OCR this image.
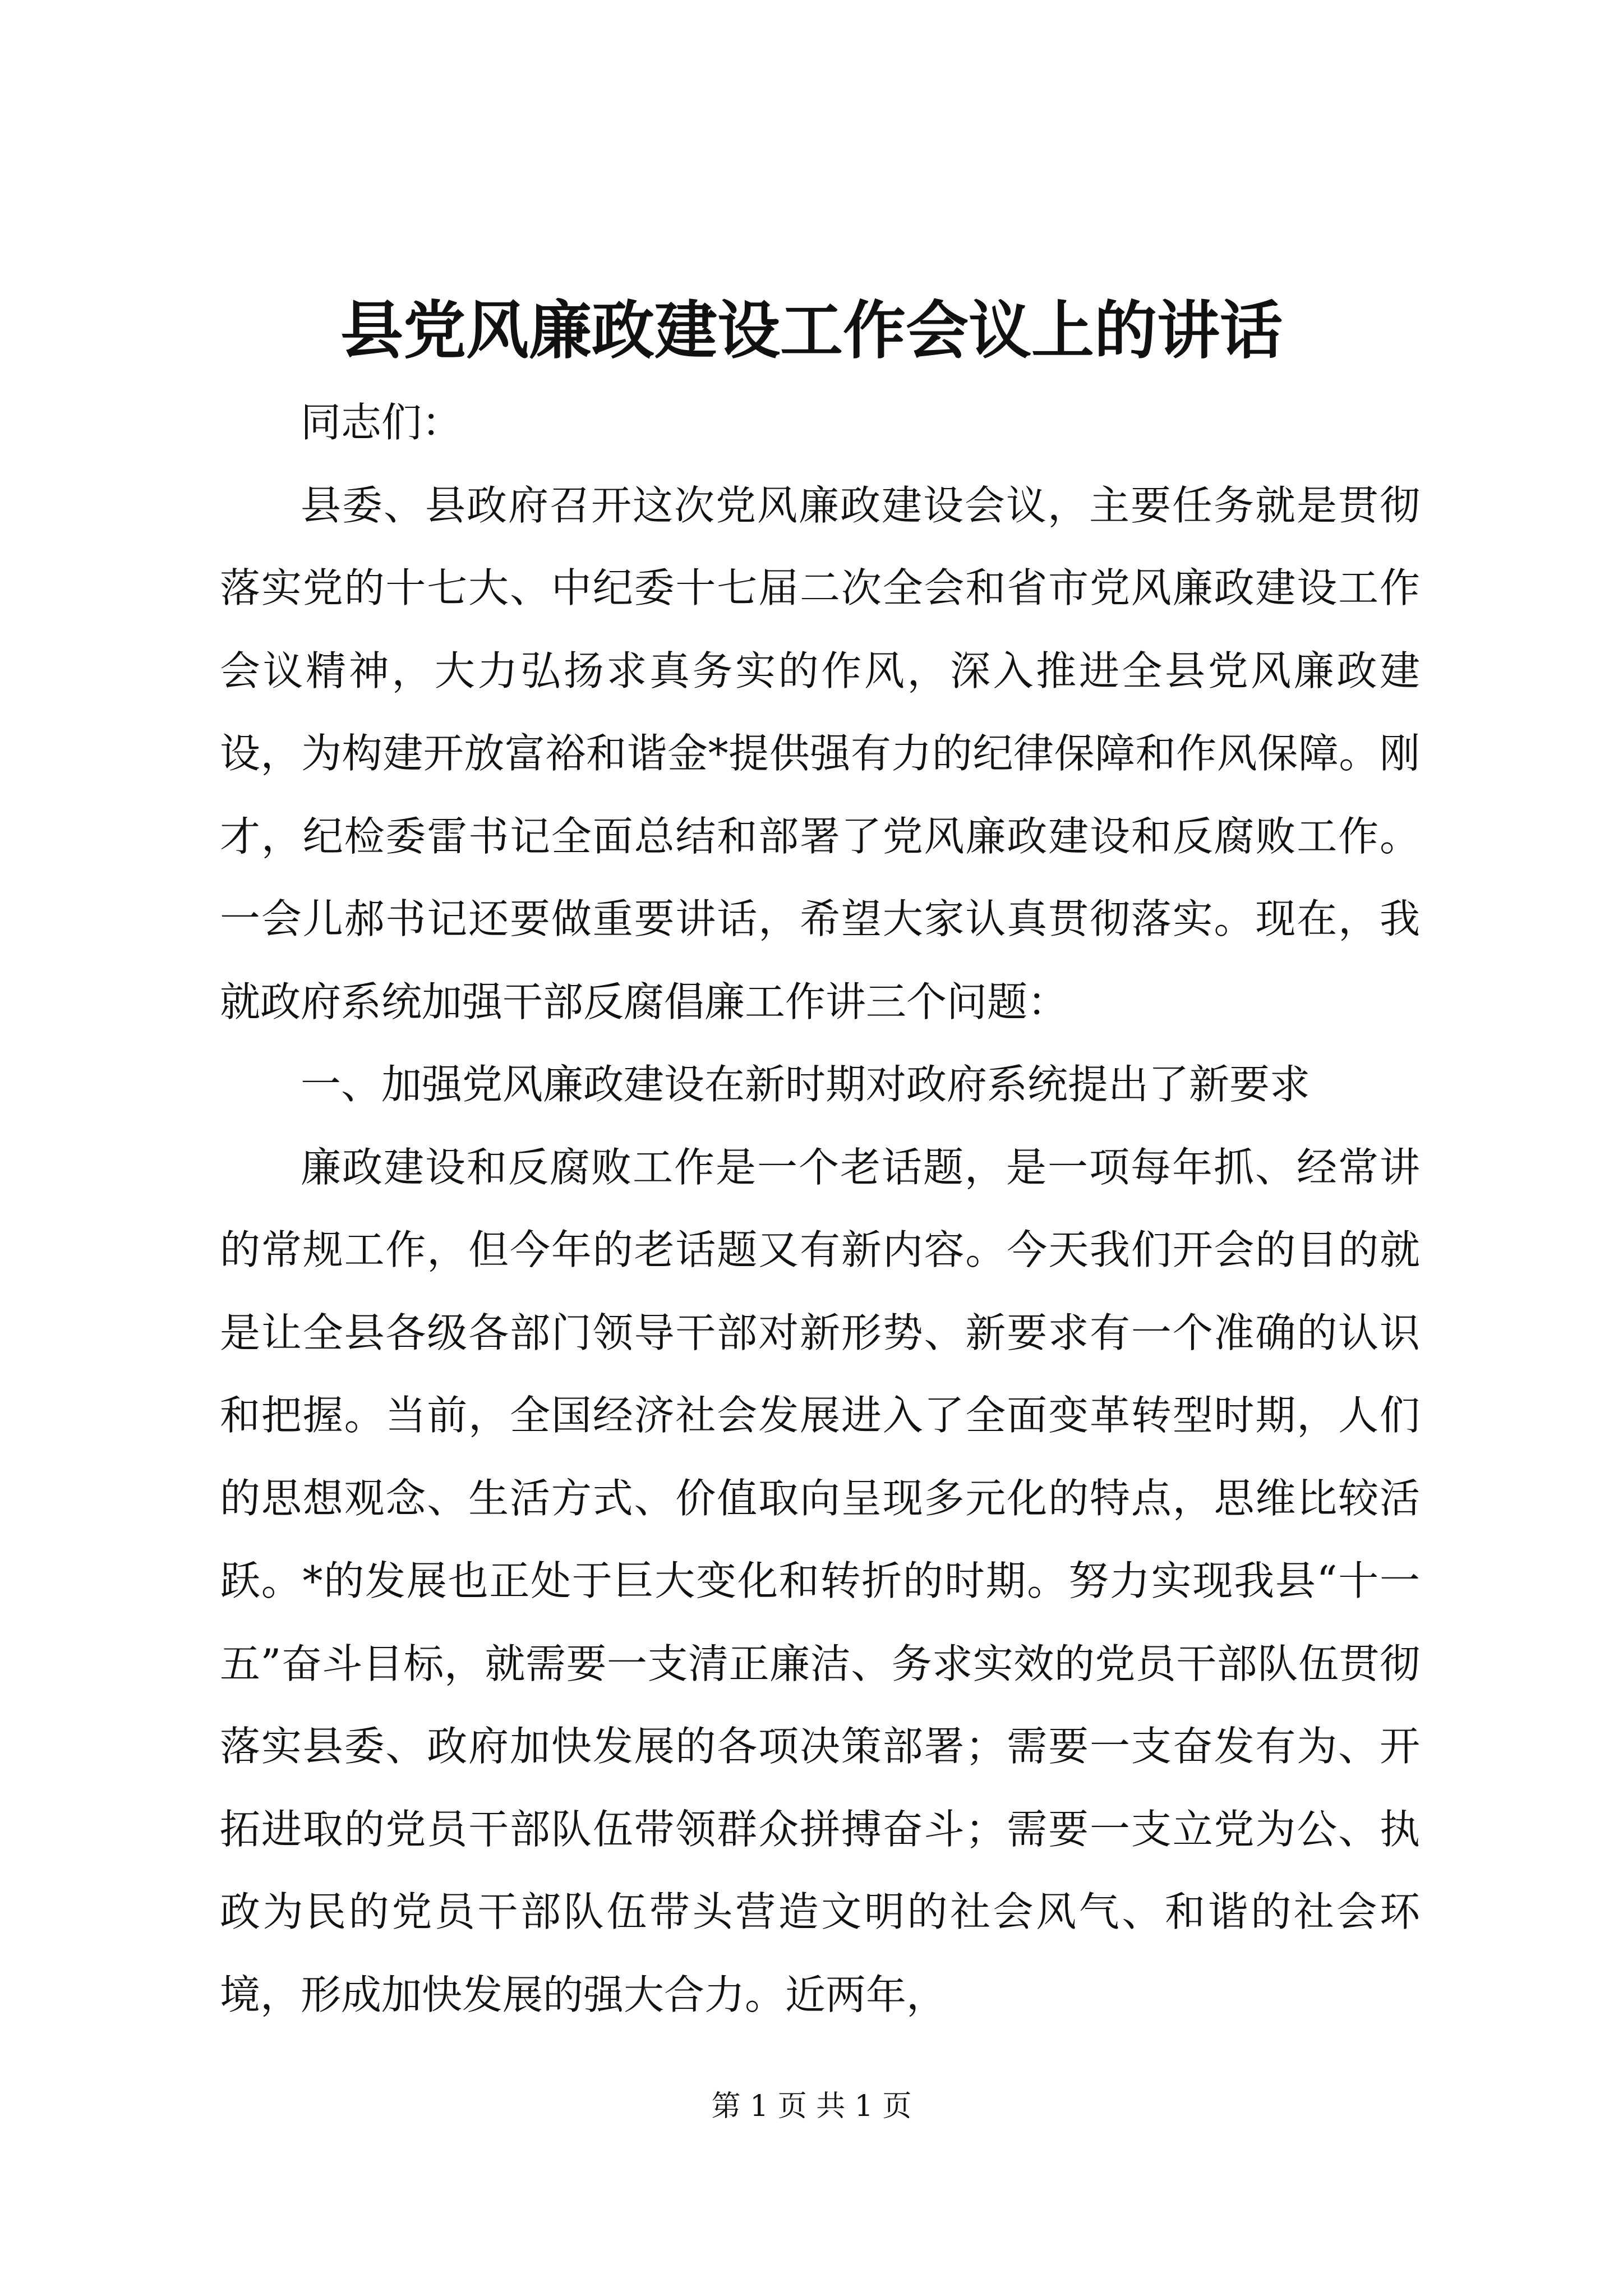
县党风廉政建设工作会议上的讲话

同志们：

县委、县政府召开这次党风廉政建设会议，主要任务就是贯彻落实党的十七大、中纪委十七届二次全会和省市党风廉政建设工作会议精神，大力弘扬求真务实的作风，深入推进全县党风廉政建设，为构建开放富裕和谐金*提供强有力的纪律保障和作风保障。刚才，纪检委雷书记全面总结和部署了党风廉政建设和反腐败工作。一会儿郝书记还要做重要讲话，希望大家认真贯彻落实。现在，我就政府系统加强干部反腐倡廉工作讲三个问题：

一、加强党风廉政建设在新时期对政府系统提出了新要求

廉政建设和反腐败工作是一个老话题，是一项每年抓、经常讲的常规工作，但今年的老话题又有新内容。今天我们开会的目的就是让全县各级各部门领导干部对新形势、新要求有一个准确的认识和把握。当前，全国经济社会发展进入了全面变革转型时期，人们的思想观念、生活方式、价值取向呈现多元化的特点，思维比较活跃。*的发展也正处于巨大变化和转折的时期。努力实现我县“十一五”奋斗目标，就需要一支清正廉洁、务求实效的党员干部队伍贯彻落实县委、政府加快发展的各项决策部署；需要一支奋发有为、开拓进取的党员干部队伍带领群众拼搏奋斗；需要一支立党为公、执政为民的党员干部队伍带头营造文明的社会风气、和谐的社会环境，形成加快发展的强大合力。近两年，

第 1 页 共 1 页
